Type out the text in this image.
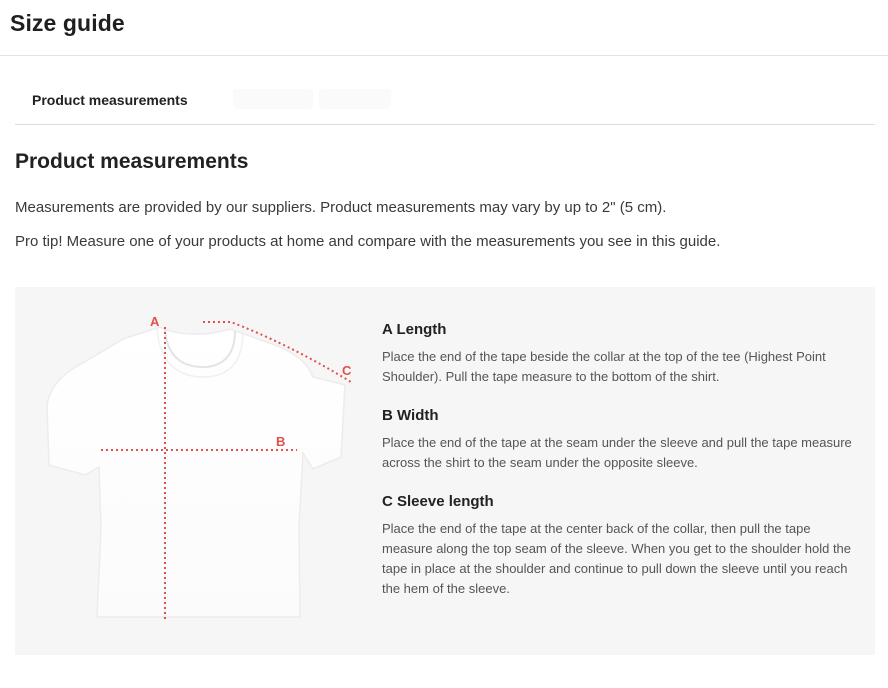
Size guide
Product measurements
Product measurements
Measurements are provided by our suppliers. Product measurements may vary by up to 2" (5 cm).
Pro tip! Measure one of your products at home and compare with the measurements you see in this guide.
A
B
C

A Length

Place the end of the tape beside the collar at the top of the tee (Highest Point Shoulder). Pull the tape measure to the bottom of the shirt.

B Width

Place the end of the tape at the seam under the sleeve and pull the tape measure across the shirt to the seam under the opposite sleeve.

C Sleeve length

Place the end of the tape at the center back of the collar, then pull the tape measure along the top seam of the sleeve. When you get to the shoulder hold the tape in place at the shoulder and continue to pull down the sleeve until you reach the hem of the sleeve.
